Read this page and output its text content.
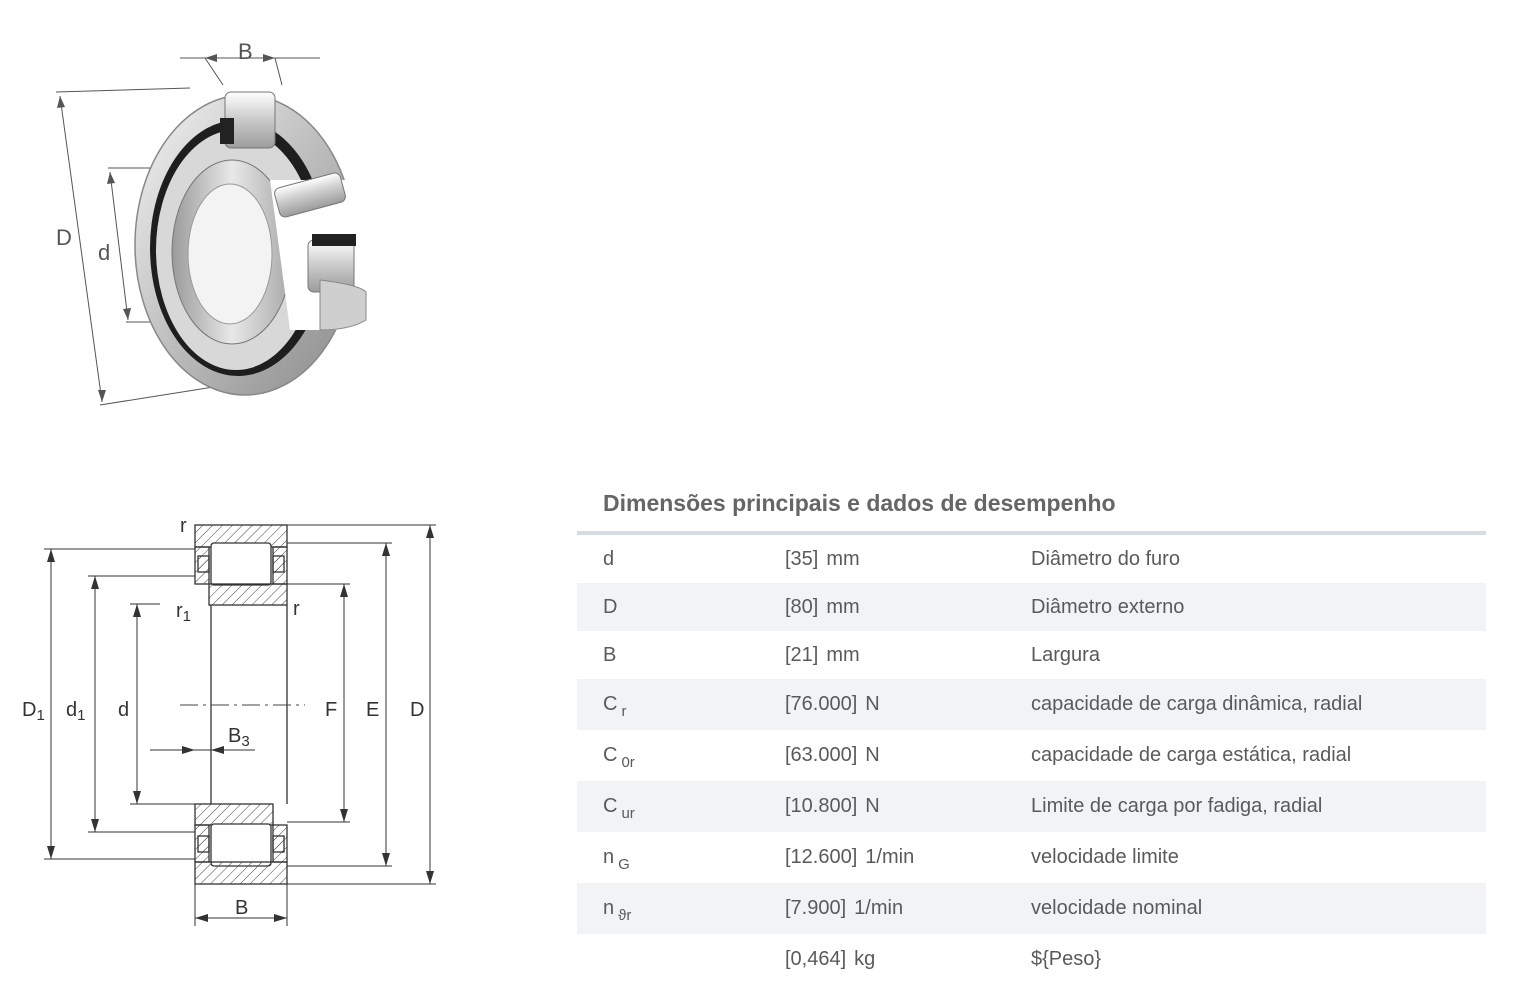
B
D
d
r
$r_1$	r
$D_1$ $d_1$ d
$B_3$
F E D
B
Dimensões principais e dados de desempenho
d	[35] mm	Diâmetro do furo
D	[80] mm	Diâmetro externo
B	[21] mm	Largura
C $_r$	[76.000] N	capacidade de carga dinâmica, radial
C $_{0r}$	[63.000] N	capacidade de carga estática, radial
C $_{ur}$	[10.800] N	Limite de carga por fadiga, radial
n $_G$	[12.600] 1/min	velocidade limite
n $_{ϑr}$	[7.900] 1/min	velocidade nominal
	[0,464] kg	${Peso}
